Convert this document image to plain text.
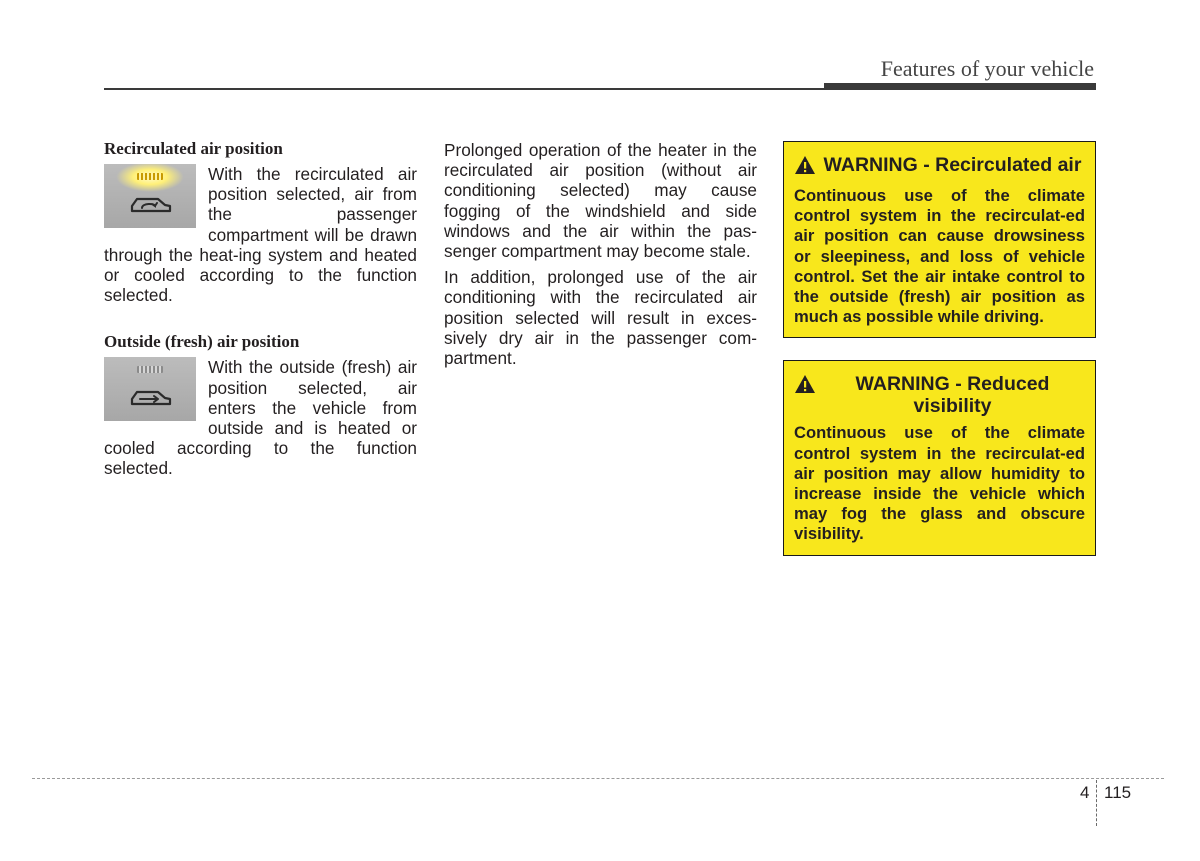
Features of your vehicle
Recirculated air position

With the recirculated air position selected, air from the passenger compartment will be drawn through the heat-ing system and heated or cooled according to the function selected.

Outside (fresh) air position

With the outside (fresh) air position selected, air enters the vehicle from outside and is heated or cooled according to the function selected.

Prolonged operation of the heater in the recirculated air position (without air conditioning selected) may cause fogging of the windshield and side windows and the air within the pas-senger compartment may become stale.

In addition, prolonged use of the air conditioning with the recirculated air position selected will result in exces-sively dry air in the passenger com-partment.

WARNING - Recirculated air

Continuous use of the climate control system in the recirculat-ed air position can cause drowsiness or sleepiness, and loss of vehicle control. Set the air intake control to the outside (fresh) air position as much as possible while driving.

WARNING - Reduced visibility

Continuous use of the climate control system in the recirculat-ed air position may allow humidity to increase inside the vehicle which may fog the glass and obscure visibility.

4 115
